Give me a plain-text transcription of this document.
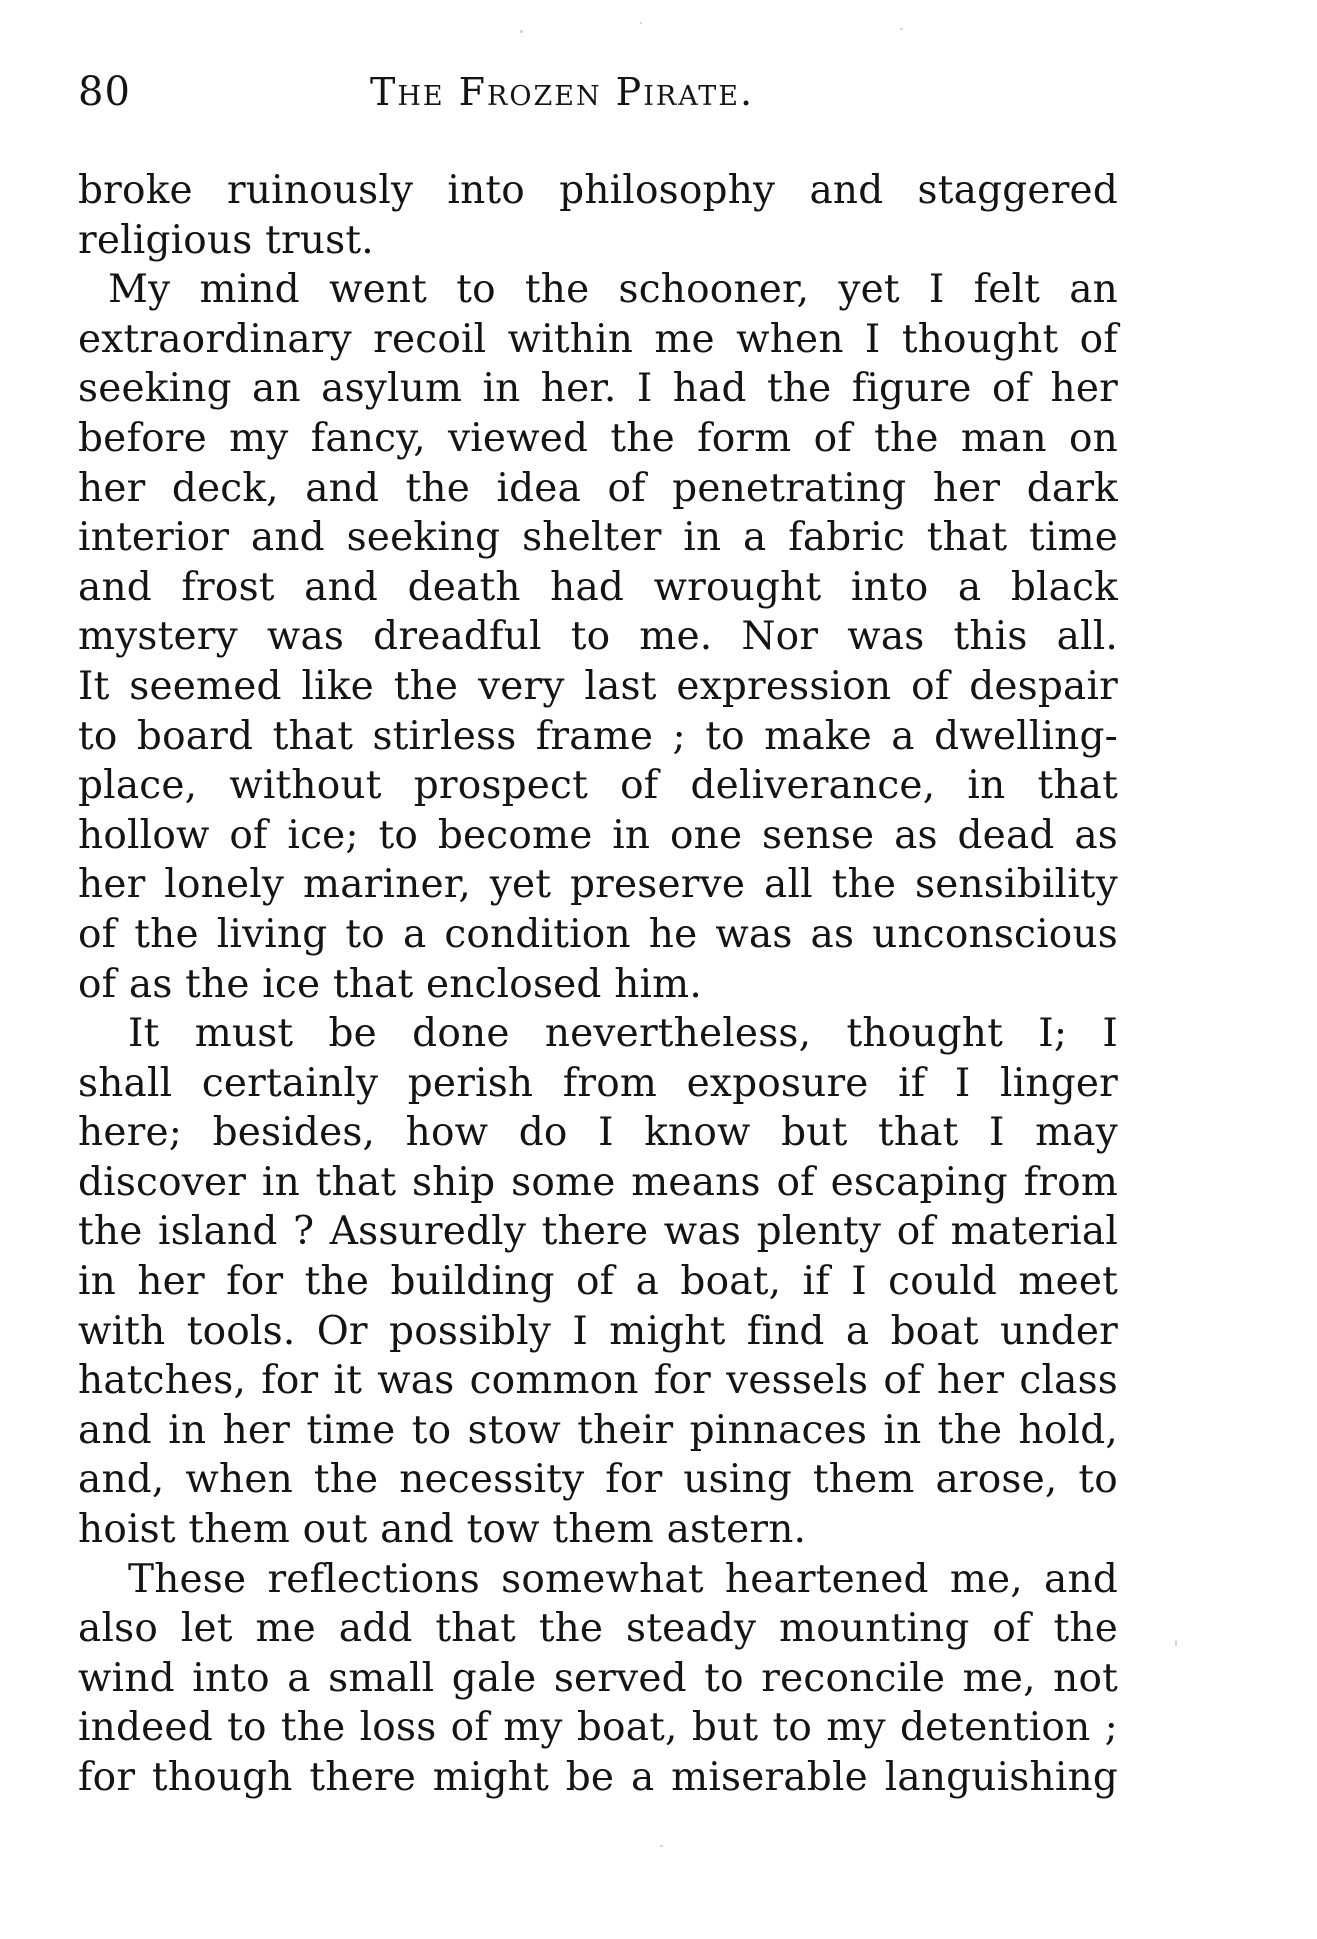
80	The Frozen Pirate.
broke ruinously into philosophy and staggered
religious trust.
My mind went to the schooner, yet I felt an
extraordinary recoil within me when I thought of
seeking an asylum in her. I had the figure of her
before my fancy, viewed the form of the man on
her deck, and the idea of penetrating her dark
interior and seeking shelter in a fabric that time
and frost and death had wrought into a black
mystery was dreadful to me. Nor was this all.
It seemed like the very last expression of despair
to board that stirless frame ; to make a dwelling-
place, without prospect of deliverance, in that
hollow of ice; to become in one sense as dead as
her lonely mariner, yet preserve all the sensibility
of the living to a condition he was as unconscious
of as the ice that enclosed him.
It must be done nevertheless, thought I; I
shall certainly perish from exposure if I linger
here; besides, how do I know but that I may
discover in that ship some means of escaping from
the island ? Assuredly there was plenty of material
in her for the building of a boat, if I could meet
with tools. Or possibly I might find a boat under
hatches, for it was common for vessels of her class
and in her time to stow their pinnaces in the hold,
and, when the necessity for using them arose, to
hoist them out and tow them astern.
These reflections somewhat heartened me, and
also let me add that the steady mounting of the
wind into a small gale served to reconcile me, not
indeed to the loss of my boat, but to my detention ;
for though there might be a miserable languishing
